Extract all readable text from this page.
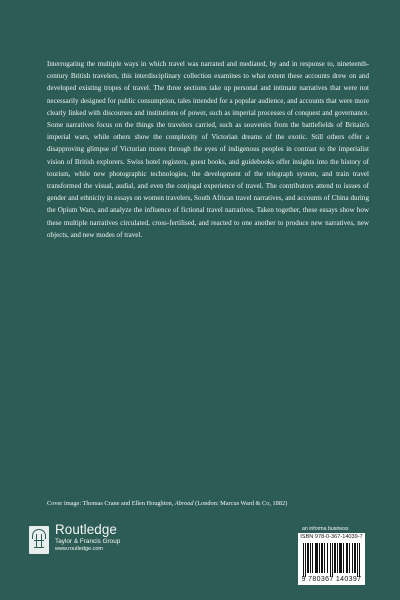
Interrogating the multiple ways in which travel was narrated and mediated, by and in response to, nineteenth-century British travelers, this interdisciplinary collection examines to what extent these accounts drew on and developed existing tropes of travel. The three sections take up personal and intimate narratives that were not necessarily designed for public consumption, tales intended for a popular audience, and accounts that were more clearly linked with discourses and institutions of power, such as imperial processes of conquest and governance. Some narratives focus on the things the travelers carried, such as souvenirs from the battlefields of Britain's imperial wars, while others show the complexity of Victorian dreams of the exotic. Still others offer a disapproving glimpse of Victorian mores through the eyes of indigenous peoples in contrast to the imperialist vision of British explorers. Swiss hotel registers, guest books, and guidebooks offer insights into the history of tourism, while new photographic technologies, the development of the telegraph system, and train travel transformed the visual, audial, and even the conjugal experience of travel. The contributors attend to issues of gender and ethnicity in essays on women travelers, South African travel narratives, and accounts of China during the Opium Wars, and analyze the influence of fictional travel narratives. Taken together, these essays show how these multiple narratives circulated, cross-fertilised, and reacted to one another to produce new narratives, new objects, and new modes of travel.

Cover image: Thomas Crane and Ellen Houghton, Abroad (London: Marcus Ward & Co, 1882)
Routledge
Taylor & Francis Group
www.routledge.com
an informa business
ISBN 978-0-367-14039-7
9 780367 140397
